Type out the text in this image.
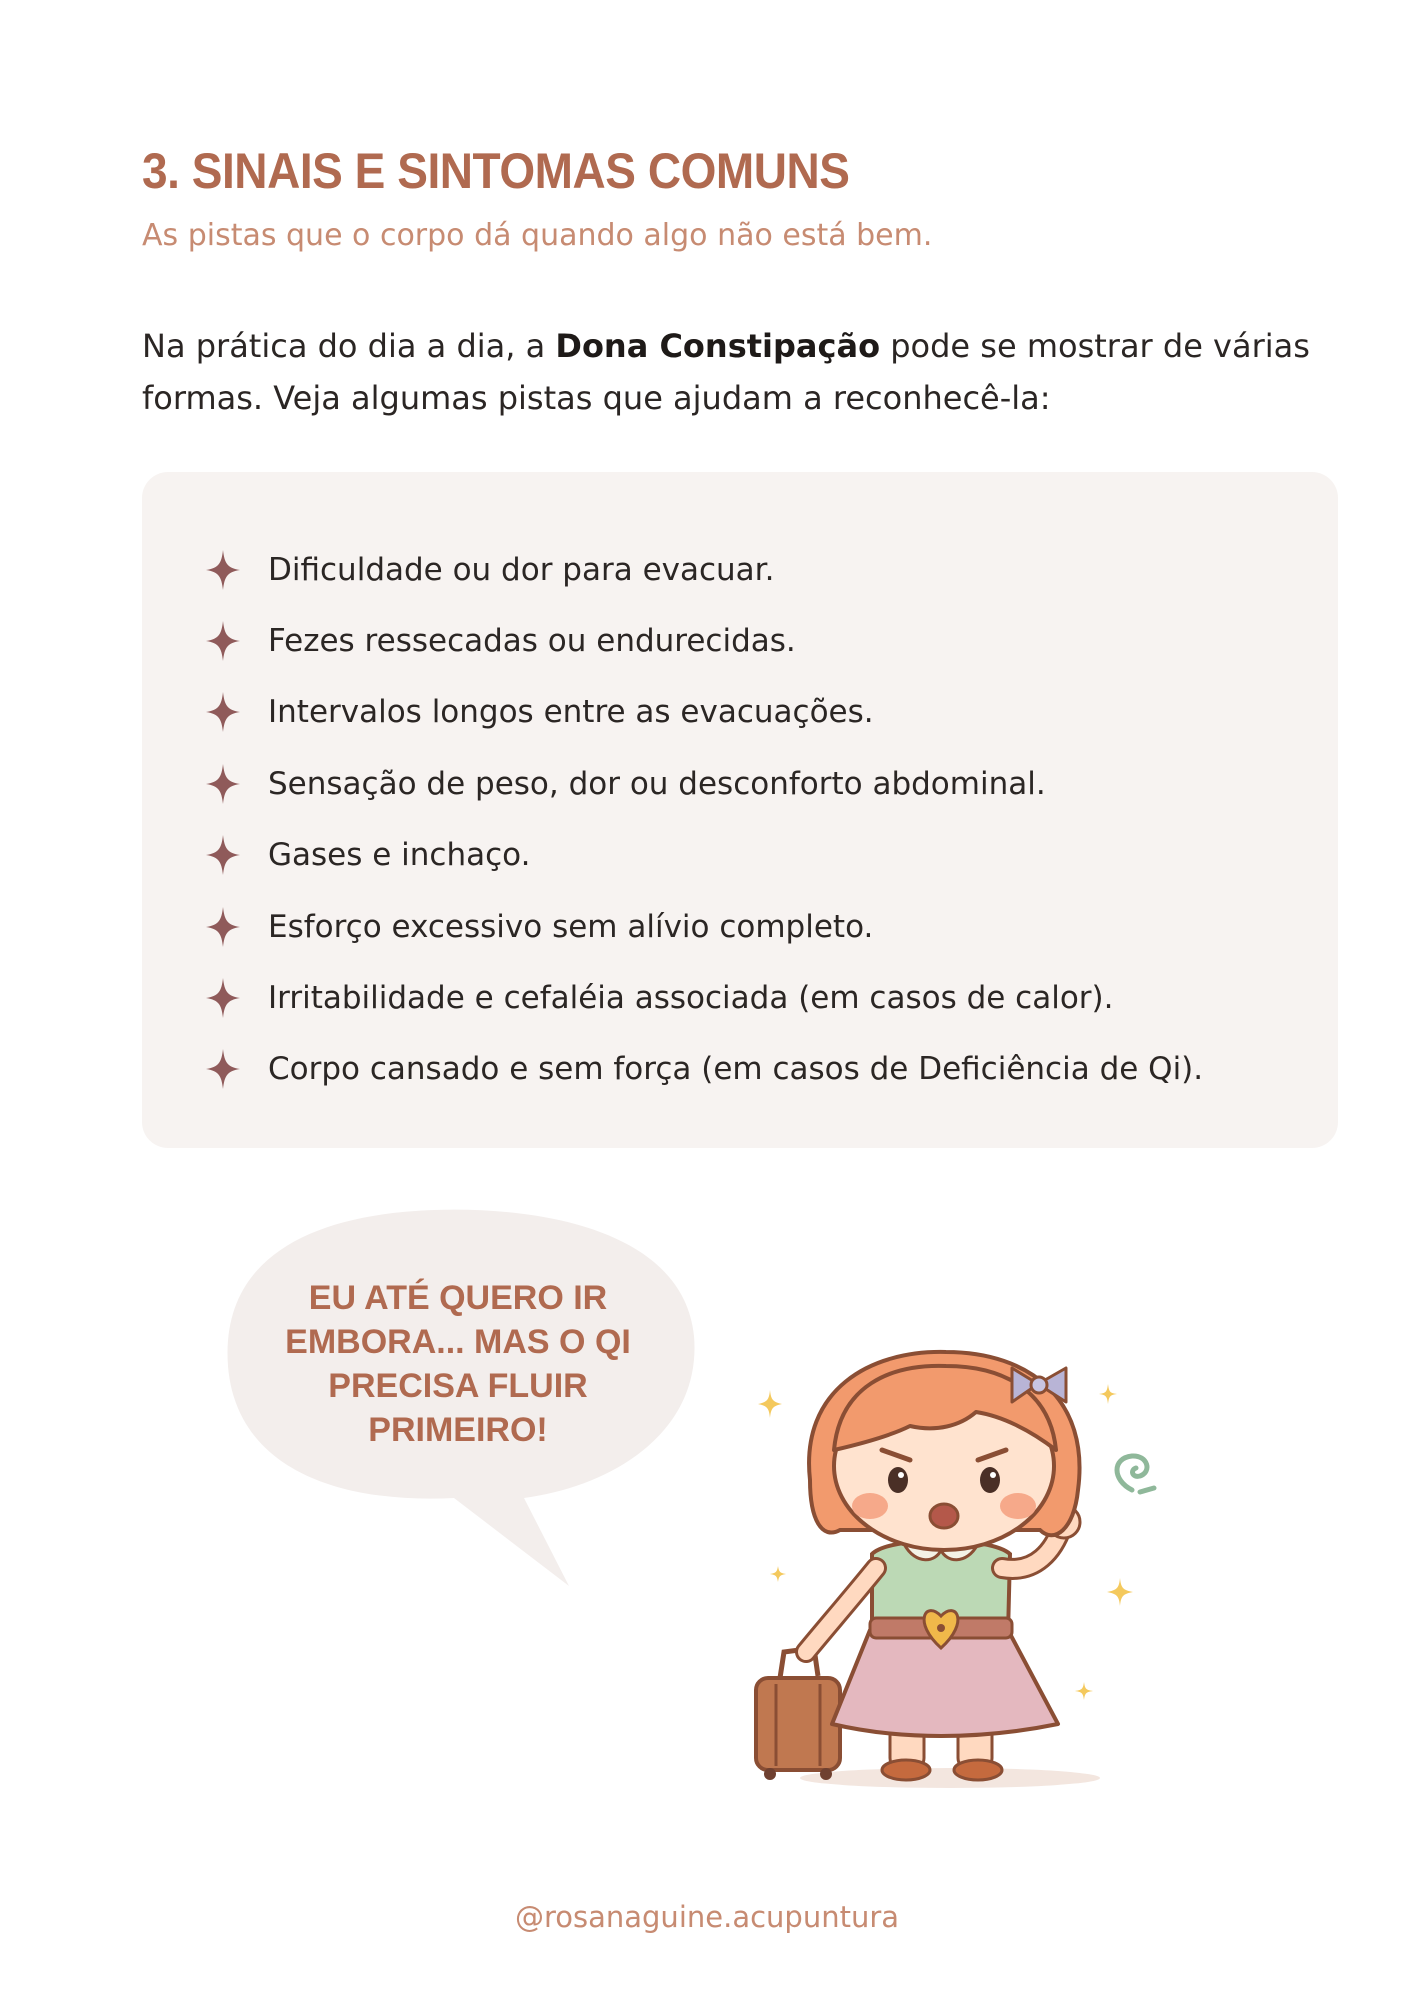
3. SINAIS E SINTOMAS COMUNS

As pistas que o corpo dá quando algo não está bem.

Na prática do dia a dia, a Dona Constipação pode se mostrar de várias formas. Veja algumas pistas que ajudam a reconhecê-la:

Dificuldade ou dor para evacuar.
Fezes ressecadas ou endurecidas.
Intervalos longos entre as evacuações.
Sensação de peso, dor ou desconforto abdominal.
Gases e inchaço.
Esforço excessivo sem alívio completo.
Irritabilidade e cefaléia associada (em casos de calor).
Corpo cansado e sem força (em casos de Deficiência de Qi).

EU ATÉ QUERO IR
EMBORA... MAS O QI
PRECISA FLUIR
PRIMEIRO!

@rosanaguine.acupuntura
